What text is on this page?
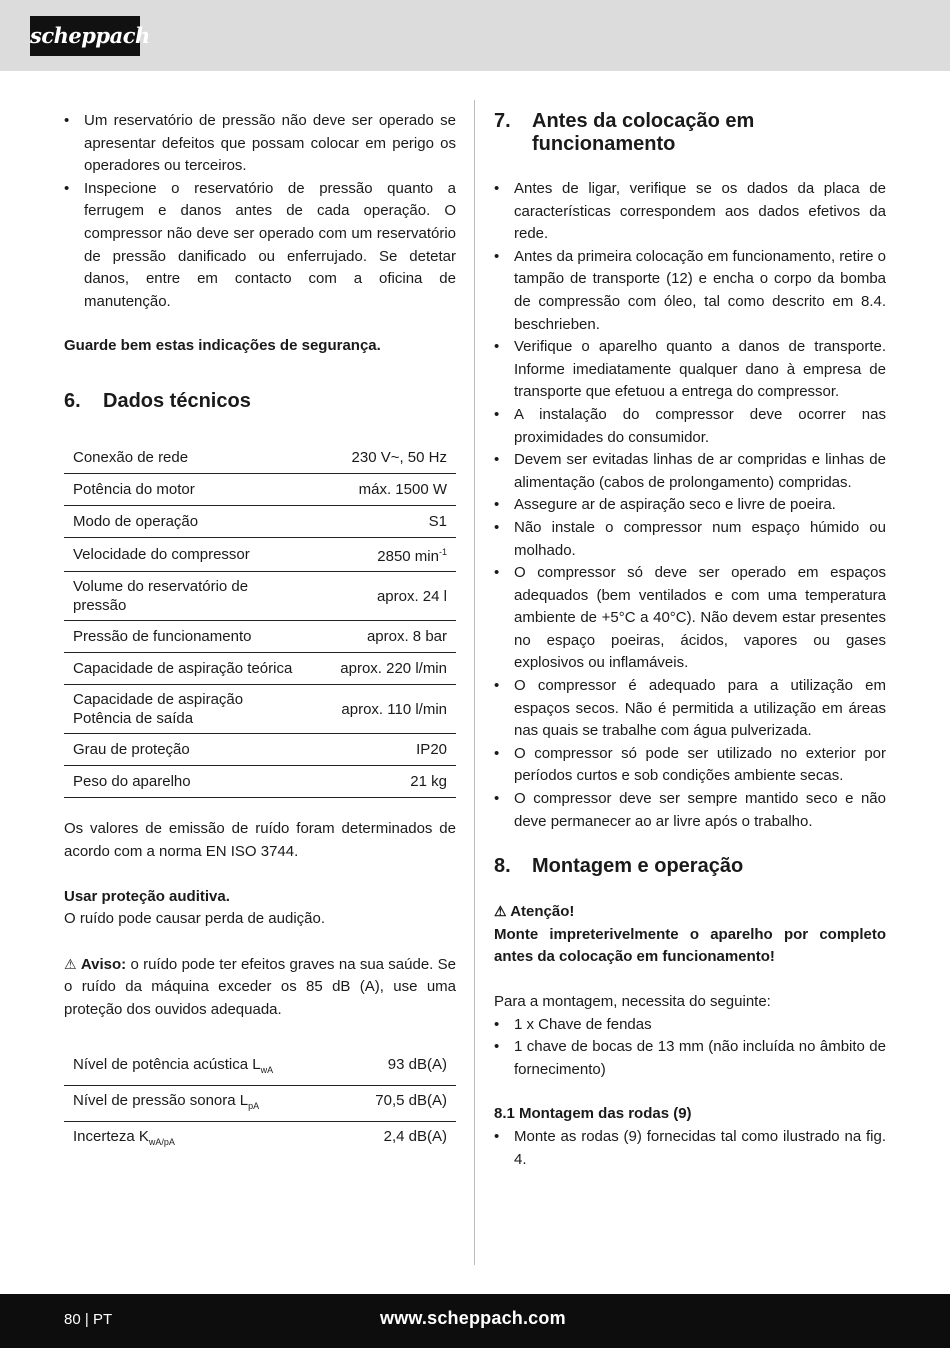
scheppach
• Um reservatório de pressão não deve ser operado se apresentar defeitos que possam colocar em perigo os operadores ou terceiros.
• Inspecione o reservatório de pressão quanto a ferrugem e danos antes de cada operação. O compressor não deve ser operado com um reservatório de pressão danificado ou enferrujado. Se detetar danos, entre em contacto com a oficina de manutenção.

Guarde bem estas indicações de segurança.

6. Dados técnicos
Conexão de rede	230 V~, 50 Hz
Potência do motor	máx. 1500 W
Modo de operação	S1
Velocidade do compressor	2850 $\min^{-1}$
Volume do reservatório de pressão	aprox. 24 l
Pressão de funcionamento	aprox. 8 bar
Capacidade de aspiração teórica	aprox. 220 l/min
Capacidade de aspiração Potência de saída	aprox. 110 l/min
Grau de proteção	IP20
Peso do aparelho	21 kg

Os valores de emissão de ruído foram determinados de acordo com a norma EN ISO 3744.

Usar proteção auditiva.

O ruído pode causar perda de audição.

⚠ Aviso: o ruído pode ter efeitos graves na sua saúde. Se o ruído da máquina exceder os 85 dB (A), use uma proteção dos ouvidos adequada.

Nível de potência acústica $L_{wA}$	93 dB(A)
Nível de pressão sonora $L_{pA}$	70,5 dB(A)
Incerteza $K_{wA/pA}$	2,4 dB(A)
7.	Antes da colocação em funcionamento
• Antes de ligar, verifique se os dados da placa de características correspondem aos dados efetivos da rede.
• Antes da primeira colocação em funcionamento, retire o tampão de transporte (12) e encha o corpo da bomba de compressão com óleo, tal como descrito em 8.4. beschrieben.
• Verifique o aparelho quanto a danos de transporte. Informe imediatamente qualquer dano à empresa de transporte que efetuou a entrega do compressor.
• A instalação do compressor deve ocorrer nas proximidades do consumidor.
• Devem ser evitadas linhas de ar compridas e linhas de alimentação (cabos de prolongamento) compridas.
• Assegure ar de aspiração seco e livre de poeira.
• Não instale o compressor num espaço húmido ou molhado.
• O compressor só deve ser operado em espaços adequados (bem ventilados e com uma temperatura ambiente de +5°C a 40°C). Não devem estar presentes no espaço poeiras, ácidos, vapores ou gases explosivos ou inflamáveis.
• O compressor é adequado para a utilização em espaços secos. Não é permitida a utilização em áreas nas quais se trabalhe com água pulverizada.
• O compressor só pode ser utilizado no exterior por períodos curtos e sob condições ambiente secas.
• O compressor deve ser sempre mantido seco e não deve permanecer ao ar livre após o trabalho.
8.	Montagem e operação

⚠ Atenção!

Monte impreterivelmente o aparelho por completo antes da colocação em funcionamento!

Para a montagem, necessita do seguinte:

• 1 x Chave de fendas
• 1 chave de bocas de 13 mm (não incluída no âmbito de fornecimento)

8.1 Montagem das rodas (9)

• Monte as rodas (9) fornecidas tal como ilustrado na fig. 4.
80 | PT	www.scheppach.com
